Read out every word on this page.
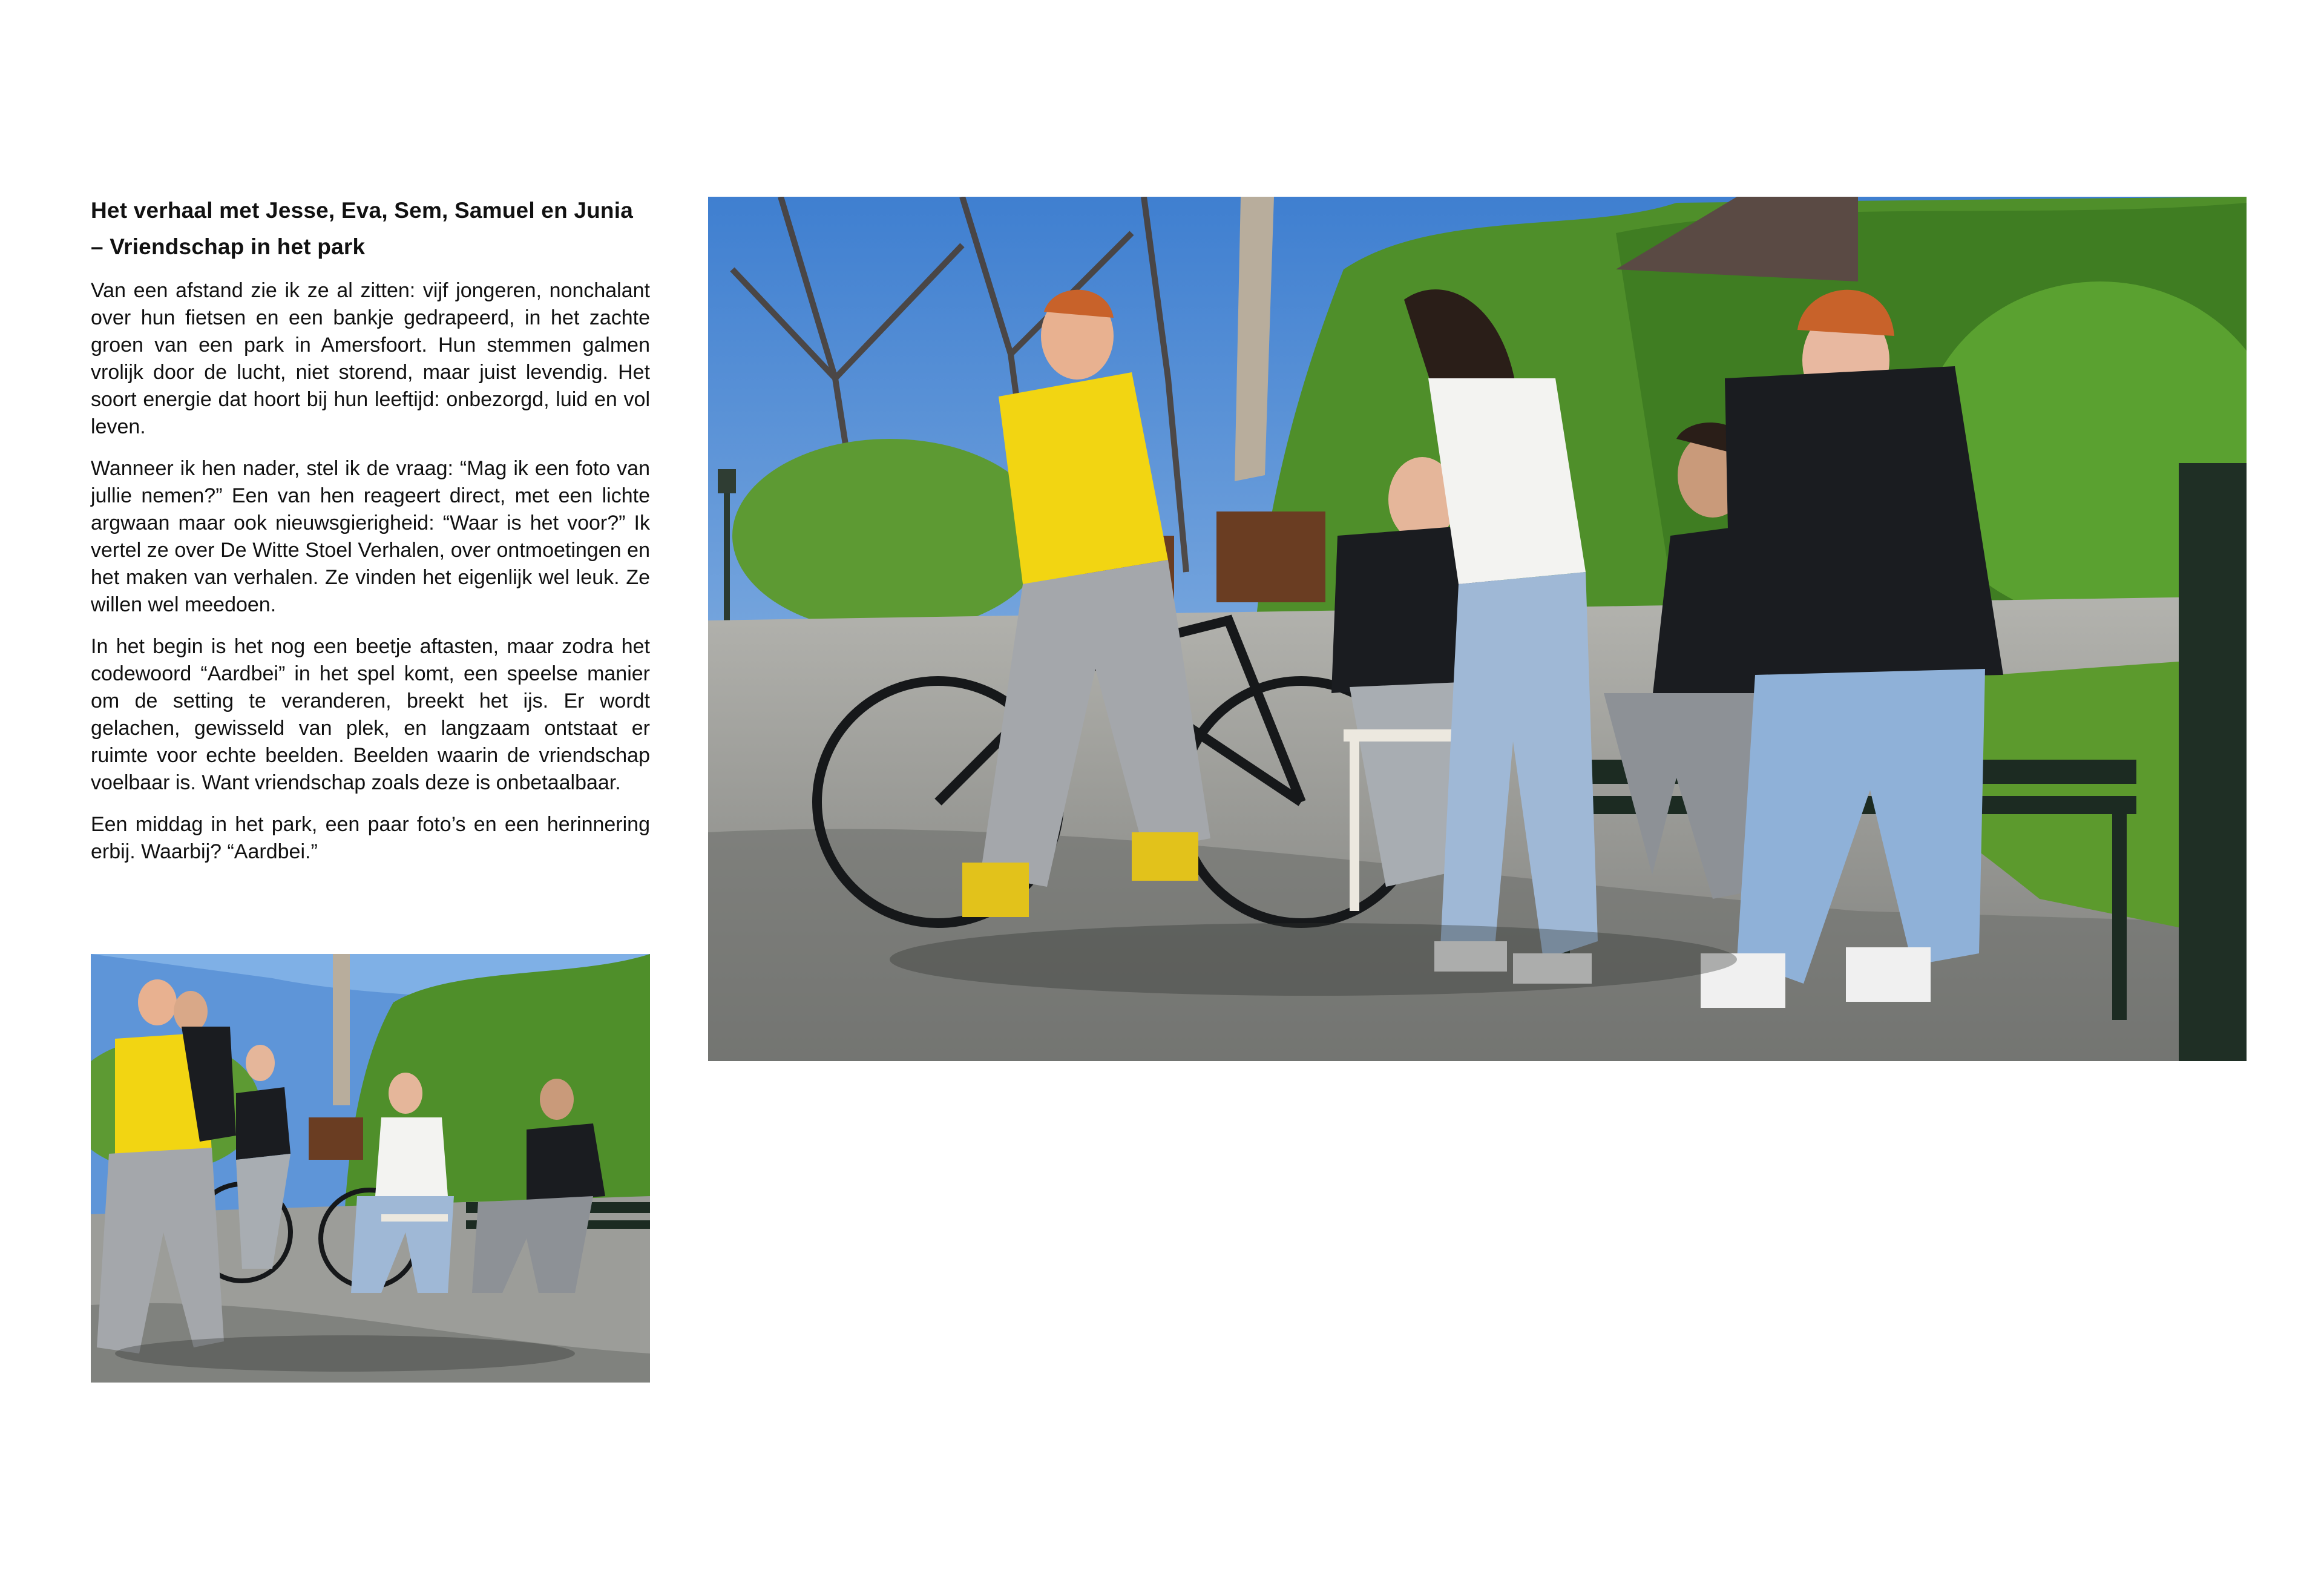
Het verhaal met Jesse, Eva, Sem, Samuel en Junia – Vriendschap in het park

Van een afstand zie ik ze al zitten: vijf jongeren, nonchalant over hun fietsen en een bankje gedrapeerd, in het zachte groen van een park in Amersfoort. Hun stemmen galmen vrolijk door de lucht, niet storend, maar juist levendig. Het soort energie dat hoort bij hun leeftijd: onbezorgd, luid en vol leven.

Wanneer ik hen nader, stel ik de vraag: “Mag ik een foto van jullie nemen?” Een van hen reageert direct, met een lichte argwaan maar ook nieuwsgierigheid: “Waar is het voor?” Ik vertel ze over De Witte Stoel Verhalen, over ontmoetingen en het maken van verhalen. Ze vinden het eigenlijk wel leuk. Ze willen wel meedoen.

In het begin is het nog een beetje aftasten, maar zodra het codewoord “Aardbei” in het spel komt, een speelse manier om de setting te veranderen, breekt het ijs. Er wordt gelachen, gewisseld van plek, en langzaam ontstaat er ruimte voor echte beelden. Beelden waarin de vriendschap voelbaar is. Want vriendschap zoals deze is onbetaalbaar.

Een middag in het park, een paar foto’s en een herinnering erbij. Waarbij? “Aardbei.”
